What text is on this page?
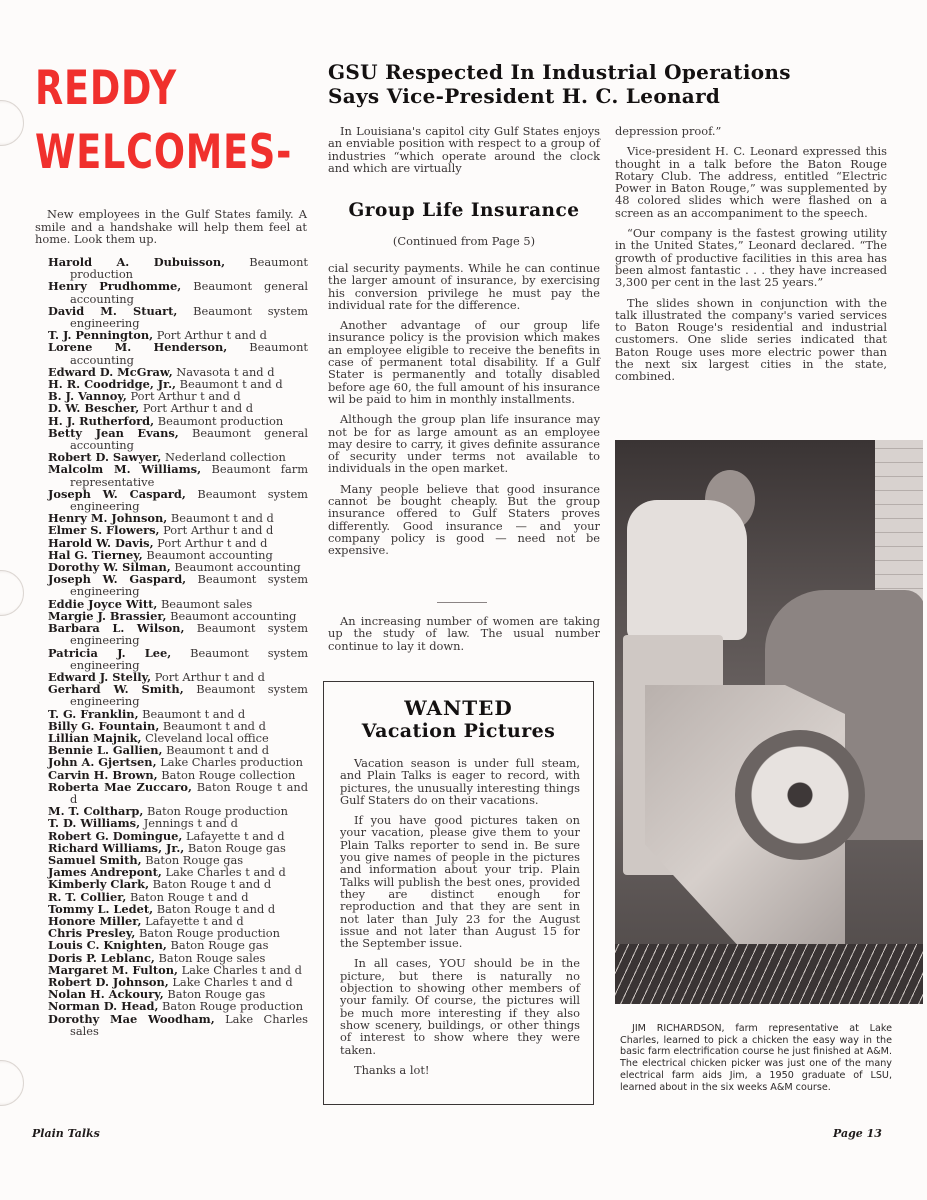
REDDY
WELCOMES-

New employees in the Gulf States family. A smile and a handshake will help them feel at home. Look them up.

Harold A. Dubuisson, Beaumont production
Henry Prudhomme, Beaumont general accounting
David M. Stuart, Beaumont system engineering
T. J. Pennington, Port Arthur t and d
Lorene M. Henderson, Beaumont accounting
Edward D. McGraw, Navasota t and d
H. R. Coodridge, Jr., Beaumont t and d
B. J. Vannoy, Port Arthur t and d
D. W. Bescher, Port Arthur t and d
H. J. Rutherford, Beaumont production
Betty Jean Evans, Beaumont general accounting
Robert D. Sawyer, Nederland collection
Malcolm M. Williams, Beaumont farm representative
Joseph W. Caspard, Beaumont system engineering
Henry M. Johnson, Beaumont t and d
Elmer S. Flowers, Port Arthur t and d
Harold W. Davis, Port Arthur t and d
Hal G. Tierney, Beaumont accounting
Dorothy W. Silman, Beaumont accounting
Joseph W. Gaspard, Beaumont system engineering
Eddie Joyce Witt, Beaumont sales
Margie J. Brassier, Beaumont accounting
Barbara L. Wilson, Beaumont system engineering
Patricia J. Lee, Beaumont system engineering
Edward J. Stelly, Port Arthur t and d
Gerhard W. Smith, Beaumont system engineering
T. G. Franklin, Beaumont t and d
Billy G. Fountain, Beaumont t and d
Lillian Majnik, Cleveland local office
Bennie L. Gallien, Beaumont t and d
John A. Gjertsen, Lake Charles production
Carvin H. Brown, Baton Rouge collection
Roberta Mae Zuccaro, Baton Rouge t and d
M. T. Coltharp, Baton Rouge production
T. D. Williams, Jennings t and d
Robert G. Domingue, Lafayette t and d
Richard Williams, Jr., Baton Rouge gas
Samuel Smith, Baton Rouge gas
James Andrepont, Lake Charles t and d
Kimberly Clark, Baton Rouge t and d
R. T. Collier, Baton Rouge t and d
Tommy L. Ledet, Baton Rouge t and d
Honore Miller, Lafayette t and d
Chris Presley, Baton Rouge production
Louis C. Knighten, Baton Rouge gas
Doris P. Leblanc, Baton Rouge sales
Margaret M. Fulton, Lake Charles t and d
Robert D. Johnson, Lake Charles t and d
Nolan H. Ackoury, Baton Rouge gas
Norman D. Head, Baton Rouge production
Dorothy Mae Woodham, Lake Charles sales
GSU Respected In Industrial Operations Says Vice-President H. C. Leonard

In Louisiana's capitol city Gulf States enjoys an enviable position with respect to a group of industries “which operate around the clock and which are virtually

Group Life Insurance
(Continued from Page 5)

cial security payments. While he can continue the larger amount of insurance, by exercising his conversion privilege he must pay the individual rate for the difference.

Another advantage of our group life insurance policy is the provision which makes an employee eligible to receive the benefits in case of permanent total disability. If a Gulf Stater is permanently and totally disabled before age 60, the full amount of his insurance wil be paid to him in monthly installments.

Although the group plan life insurance may not be for as large amount as an employee may desire to carry, it gives definite assurance of security under terms not available to individuals in the open market.

Many people believe that good insurance cannot be bought cheaply. But the group insurance offered to Gulf Staters proves differently. Good insurance — and your company policy is good — need not be expensive.

An increasing number of women are taking up the study of law. The usual number continue to lay it down.

WANTED
Vacation Pictures

Vacation season is under full steam, and Plain Talks is eager to record, with pictures, the unusually interesting things Gulf Staters do on their vacations.

If you have good pictures taken on your vacation, please give them to your Plain Talks reporter to send in. Be sure you give names of people in the pictures and information about your trip. Plain Talks will publish the best ones, provided they are distinct enough for reproduction and that they are sent in not later than July 23 for the August issue and not later than August 15 for the September issue.

In all cases, YOU should be in the picture, but there is naturally no objection to showing other members of your family. Of course, the pictures will be much more interesting if they also show scenery, buildings, or other things of interest to show where they were taken.

Thanks a lot!

depression proof.”

Vice-president H. C. Leonard expressed this thought in a talk before the Baton Rouge Rotary Club. The address, entitled “Electric Power in Baton Rouge,” was supplemented by 48 colored slides which were flashed on a screen as an accompaniment to the speech.

“Our company is the fastest growing utility in the United States,” Leonard declared. “The growth of productive facilities in this area has been almost fantastic . . . they have increased 3,300 per cent in the last 25 years.”

The slides shown in conjunction with the talk illustrated the company's varied services to Baton Rouge's residential and industrial customers. One slide series indicated that Baton Rouge uses more electric power than the next six largest cities in the state, combined.

JIM RICHARDSON, farm representative at Lake Charles, learned to pick a chicken the easy way in the basic farm electrification course he just finished at A&M. The electrical chicken picker was just one of the many electrical farm aids Jim, a 1950 graduate of LSU, learned about in the six weeks A&M course.

Plain Talks	Page 13
